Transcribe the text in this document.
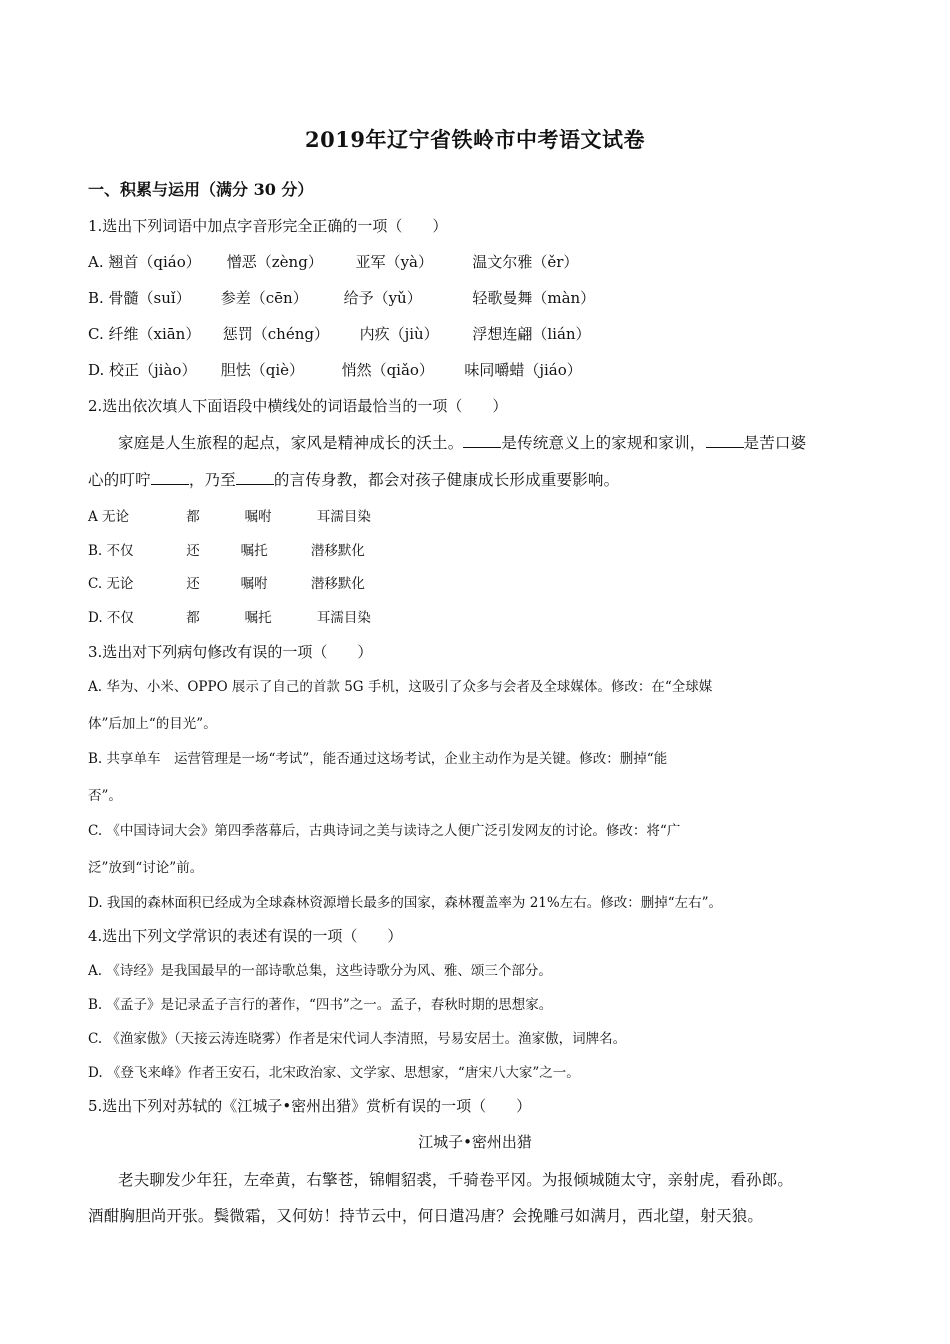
2019年辽宁省铁岭市中考语文试卷
一、积累与运用（满分 30 分）
1.选出下列词语中加点字音形完全正确的一项（　　）
A. 翘首（qiáo） 憎恶（zèng） 亚军（yà）	温文尔雅（ěr）
B. 骨髓（suǐ） 参差（cēn） 给予（yǔ）	轻歌曼舞（màn）
C. 纤维（xiān） 惩罚（chéng） 内疚（jiù） 浮想连翩（lián）
D. 校正（jiào） 胆怯（qiè）	悄然（qiǎo） 味同嚼蜡（jiáo）
2.选出依次填人下面语段中横线处的词语最恰当的一项（　　）
家庭是人生旅程的起点，家风是精神成长的沃土。 是传统意义上的家规和家训， 是苦口婆
心的叮咛 ，乃至 的言传身教，都会对孩子健康成长形成重要影响。
A 无论	都	嘱咐	耳濡目染
B. 不仅	还	嘱托	潜移默化
C. 无论	还	嘱咐	潜移默化
D. 不仅	都	嘱托	耳濡目染
3.选出对下列病句修改有误的一项（　　）
A. 华为、小米、OPPO 展示了自己的首款 5G 手机，这吸引了众多与会者及全球媒体。修改：在“全球媒
体”后加上“的目光”。
B. 共享单车　运营管理是一场“考试”，能否通过这场考试，企业主动作为是关键。修改：删掉“能
否”。
C. 《中国诗词大会》第四季落幕后，古典诗词之美与读诗之人便广泛引发网友的讨论。修改：将“广
泛”放到“讨论”前。
D. 我国的森林面积已经成为全球森林资源增长最多的国家，森林覆盖率为 21%左右。修改：删掉“左右”。
4.选出下列文学常识的表述有误的一项（　　）
A. 《诗经》是我国最早的一部诗歌总集，这些诗歌分为风、雅、颂三个部分。
B. 《孟子》是记录孟子言行的著作，“四书”之一。孟子，春秋时期的思想家。
C. 《渔家傲》（天接云涛连晓雾）作者是宋代词人李清照，号易安居士。渔家傲，词牌名。
D. 《登飞来峰》作者王安石，北宋政治家、文学家、思想家，“唐宋八大家”之一。
5.选出下列对苏轼的《江城子•密州出猎》赏析有误的一项（　　）
江城子•密州出猎
老夫聊发少年狂，左牵黄，右擎苍，锦帽貂裘，千骑卷平冈。为报倾城随太守，亲射虎，看孙郎。
酒酣胸胆尚开张。鬓微霜，又何妨！持节云中，何日遣冯唐？会挽雕弓如满月，西北望，射天狼。
